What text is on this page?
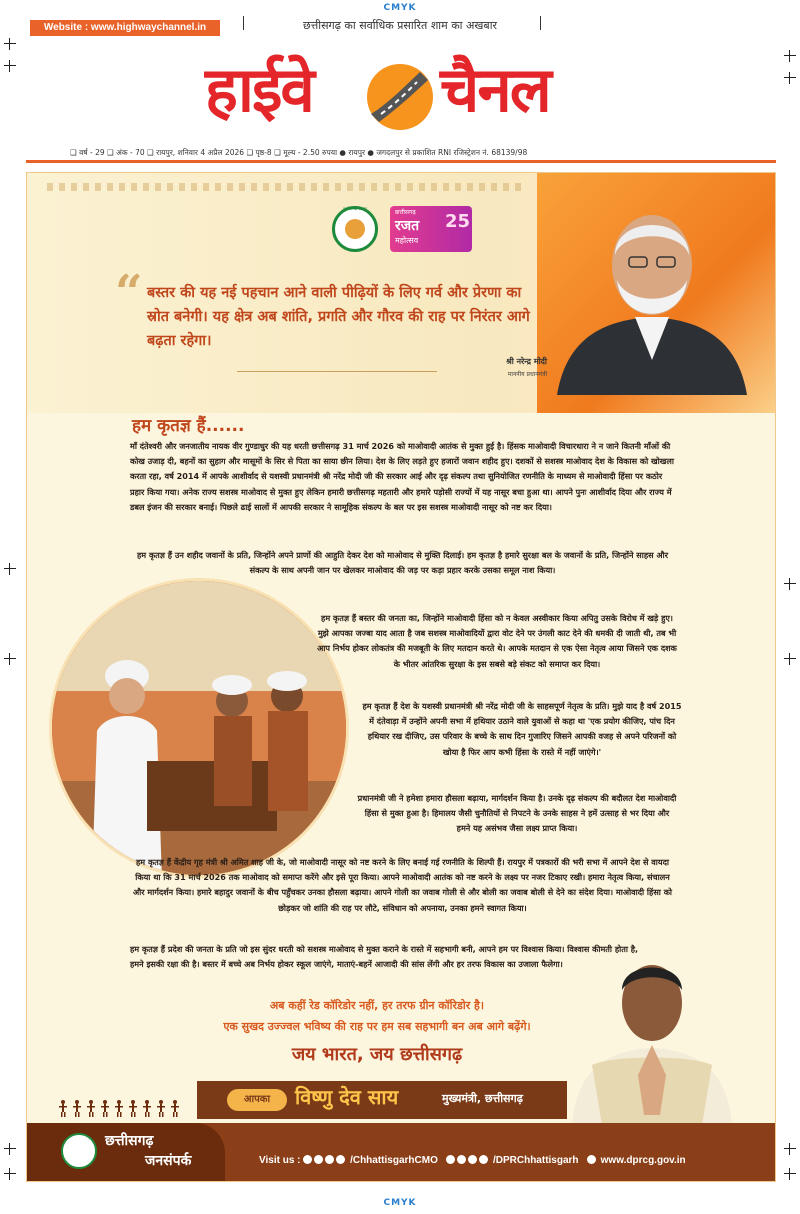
CMYK
CMYK
Website : www.highwaychannel.in	छत्तीसगढ़ का सर्वाधिक प्रसारित शाम का अखबार
हाईवे	चैनल
❑ वर्ष - 29 ❑ अंक - 70 ❑ रायपुर, शनिवार 4 अप्रैल 2026 ❑ पृष्ठ-8 ❑ मूल्य - 2.50 रुपया ● रायपुर ● जगदलपुर से प्रकाशित RNI रजिस्ट्रेशन नं. 68139/98
छत्तीसगढ़ शासन
छत्तीसगढ़
रजत
महोत्सव
25
“ बस्तर की यह नई पहचान आने वाली पीढ़ियों के लिए गर्व और प्रेरणा का स्रोत बनेगी। यह क्षेत्र अब शांति, प्रगति और गौरव की राह पर निरंतर आगे बढ़ता रहेगा।
श्री नरेन्द्र मोदी
माननीय प्रधानमंत्री
हम कृतज्ञ हैं......
माँ दंतेश्वरी और जनजातीय नायक वीर गुण्डाधुर की यह धरती छत्तीसगढ़ 31 मार्च 2026 को माओवादी आतंक से मुक्त हुई है। हिंसक माओवादी विचारधारा ने न जाने कितनी माँओं की कोख उजाड़ दी, बहनों का सुहाग और मासूमों के सिर से पिता का साया छीन लिया। देश के लिए लड़ते हुए हजारों जवान शहीद हुए। दशकों से सशस्त्र माओवाद देश के विकास को खोखला करता रहा, वर्ष 2014 में आपके आशीर्वाद से यशस्वी प्रधानमंत्री श्री नरेंद्र मोदी जी की सरकार आई और दृढ़ संकल्प तथा सुनियोजित रणनीति के माध्यम से माओवादी हिंसा पर कठोर प्रहार किया गया। अनेक राज्य सशस्त्र माओवाद से मुक्त हुए लेकिन हमारी छत्तीसगढ़ महतारी और हमारे पड़ोसी राज्यों में यह नासूर बचा हुआ था। आपने पुनः आशीर्वाद दिया और राज्य में डबल इंजन की सरकार बनाई। पिछले ढाई सालों में आपकी सरकार ने सामूहिक संकल्प के बल पर इस सशस्त्र माओवादी नासूर को नष्ट कर दिया।
हम कृतज्ञ हैं उन शहीद जवानों के प्रति, जिन्होंने अपने प्राणों की आहुति देकर देश को माओवाद से मुक्ति दिलाई। हम कृतज्ञ है हमारे सुरक्षा बल के जवानों के प्रति, जिन्होंने साहस और संकल्प के साथ अपनी जान पर खेलकर माओवाद की जड़ पर कड़ा प्रहार करके उसका समूल नाश किया।
हम कृतज्ञ हैं बस्तर की जनता का, जिन्होंने माओवादी हिंसा को न केवल अस्वीकार किया अपितु उसके विरोध में खड़े हुए। मुझे आपका जज्बा याद आता है जब सशस्त्र माओवादियों द्वारा वोट देने पर उंगली काट देने की धमकी दी जाती थी, तब भी आप निर्भय होकर लोकतंत्र की मजबूती के लिए मतदान करते थे। आपके मतदान से एक ऐसा नेतृत्व आया जिसने एक दशक के भीतर आंतरिक सुरक्षा के इस सबसे बड़े संकट को समाप्त कर दिया।
हम कृतज्ञ हैं देश के यशस्वी प्रधानमंत्री श्री नरेंद्र मोदी जी के साहसपूर्ण नेतृत्व के प्रति। मुझे याद है वर्ष 2015 में दंतेवाड़ा में उन्होंने अपनी सभा में हथियार उठाने वाले युवाओं से कहा था 'एक प्रयोग कीजिए, पांच दिन हथियार रख दीजिए, उस परिवार के बच्चे के साथ दिन गुजारिए जिसने आपकी वजह से अपने परिजनों को खोया है फिर आप कभी हिंसा के रास्ते में नहीं जाएंगे।'
प्रधानमंत्री जी ने हमेशा हमारा हौसला बढ़ाया, मार्गदर्शन किया है। उनके दृढ़ संकल्प की बदौलत देश माओवादी हिंसा से मुक्त हुआ है। हिमालय जैसी चुनौतियों से निपटने के उनके साहस ने हमें उत्साह से भर दिया और हमने यह असंभव जैसा लक्ष्य प्राप्त किया।
हम कृतज्ञ हैं केंद्रीय गृह मंत्री श्री अमित शाह जी के, जो माओवादी नासूर को नष्ट करने के लिए बनाई गई रणनीति के शिल्पी हैं। रायपुर में पत्रकारों की भरी सभा में आपने देश से वायदा किया था कि 31 मार्च 2026 तक माओवाद को समाप्त करेंगे और इसे पूरा किया। आपने माओवादी आतंक को नष्ट करने के लक्ष्य पर नजर टिकाए रखी। हमारा नेतृत्व किया, संचालन और मार्गदर्शन किया। हमारे बहादुर जवानों के बीच पहुँचकर उनका हौसला बढ़ाया। आपने गोली का जवाब गोली से और बोली का जवाब बोली से देने का संदेश दिया। माओवादी हिंसा को छोड़कर जो शांति की राह पर लौटे, संविधान को अपनाया, उनका हमने स्वागत किया।
हम कृतज्ञ हैं प्रदेश की जनता के प्रति जो इस सुंदर धरती को सशस्त्र माओवाद से मुक्त कराने के रास्ते में सहभागी बनी, आपने हम पर विश्वास किया। विश्वास कीमती होता है, हमने इसकी रक्षा की है। बस्तर में बच्चे अब निर्भय होकर स्कूल जाएंगे, माताएं-बहनें आजादी की सांस लेंगी और हर तरफ विकास का उजाला फैलेगा।
अब कहीं रेड कॉरिडोर नहीं, हर तरफ ग्रीन कॉरिडोर है।
एक सुखद उज्ज्वल भविष्य की राह पर हम सब सहभागी बन अब आगे बढ़ेंगे।
जय भारत, जय छत्तीसगढ़
आपका	विष्णु देव साय	मुख्यमंत्री, छत्तीसगढ़
छत्तीसगढ़
जनसंपर्क	Visit us :	/ChhattisgarhCMO	/DPRChhattisgarh www.dprcg.gov.in
